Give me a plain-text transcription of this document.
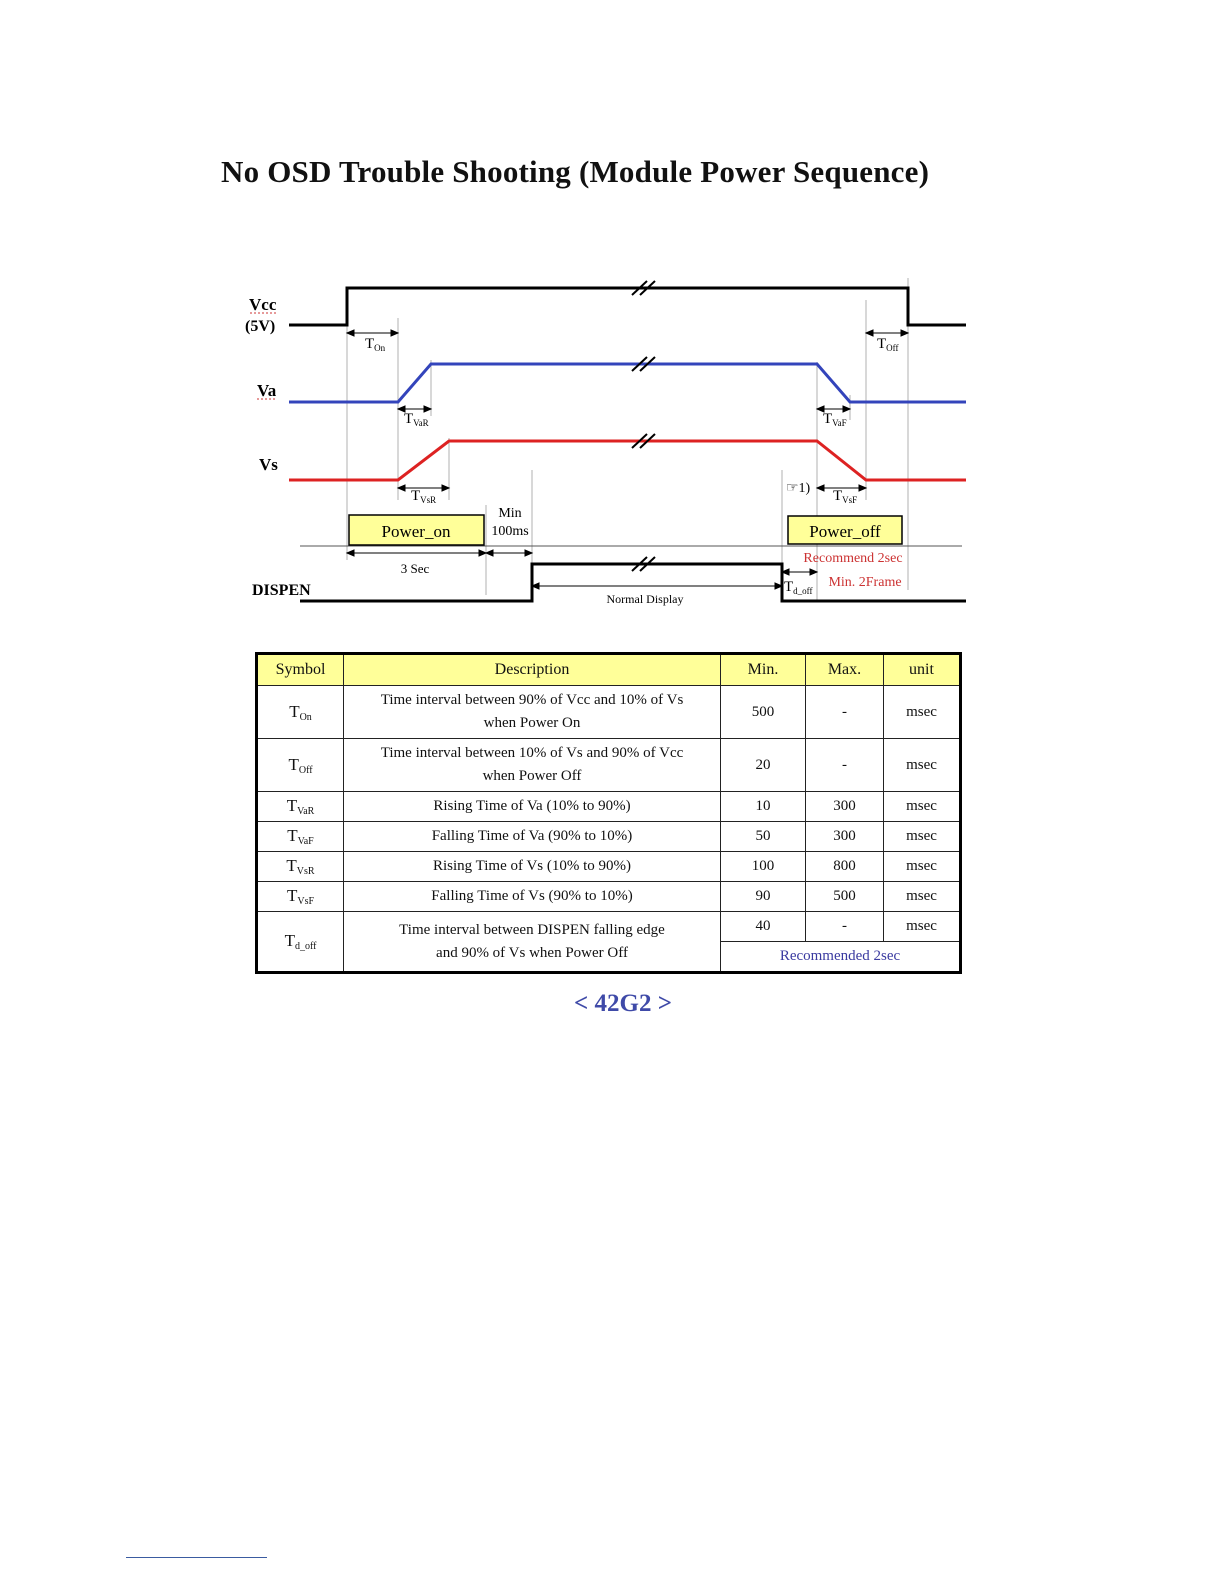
No OSD Trouble Shooting (Module Power Sequence)
Vcc
(5V)
Va
Vs
DISPEN
$T_{On}$	$T_{Off}$
$T_{VaR}$	$T_{VaF}$
$T_{VsR}$	$T_{VsF}$
$T_{d\_off}$
Power_on	Power_off
Min
100ms
3 Sec
Normal Display
Recommend 2sec
Min. 2Frame
☞1)
Symbol	Description	Min.	Max.	unit
$T_{On}$	Time interval between 90% of Vcc and 10% of Vs
when Power On	500	-	msec
$T_{Off}$	Time interval between 10% of Vs and 90% of Vcc
when Power Off	20	-	msec
$T_{VaR}$	Rising Time of Va (10% to 90%)	10	300	msec
$T_{VaF}$	Falling Time of Va (90% to 10%)	50	300	msec
$T_{VsR}$	Rising Time of Vs (10% to 90%)	100	800	msec
$T_{VsF}$	Falling Time of Vs (90% to 10%)	90	500	msec
$T_{d\_off}$	Time interval between DISPEN falling edge
and 90% of Vs when Power Off	40	-	msec
		Recommended 2sec		
< 42G2 >
